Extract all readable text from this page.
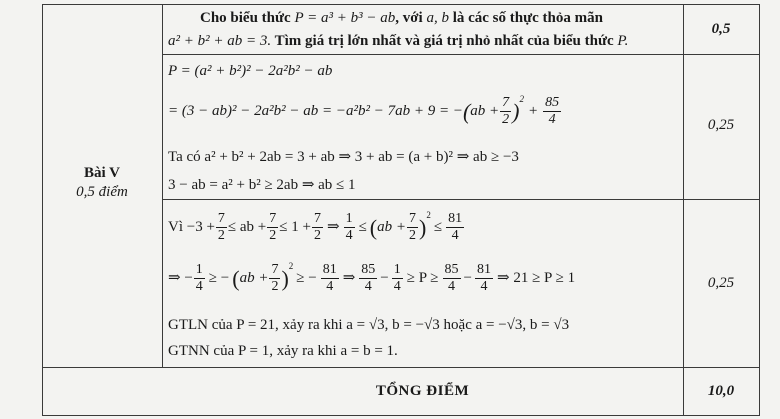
Bài V
0,5 điểm
0,5
0,25
0,25
10,0
Cho biểu thức P = a³ + b³ − ab, với a, b là các số thực thỏa mãn
a² + b² + ab = 3. Tìm giá trị lớn nhất và giá trị nhỏ nhất của biểu thức P.
P = (a² + b²)² − 2a²b² − ab
= (3 − ab)² − 2a²b² − ab = −a²b² − 7ab + 9 = − ( ab + $\frac{7}{2} )^2$
+ $\frac{85}{4}$
Ta có a² + b² + 2ab = 3 + ab ⇒ 3 + ab = (a + b)² ⇒ ab ≥ −3
3 − ab = a² + b² ≥ 2ab ⇒ ab ≤ 1
Vì $-3 + \frac{7}{2}$ ≤ ab + $\frac{7}{2} \le 1 + \frac{7}{2}$ ⇒ $\frac{1}{4}$ ≤ ( ab + $\frac{7}{2} )^2$
≤ $\frac{81}{4}$
⇒ − $\frac{1}{4}$ ≥ − ( ab + $\frac{7}{2} )^2$
≥ − $\frac{81}{4}$ ⇒ $\frac{85}{4} - \frac{1}{4} \ge P \ge \frac{85}{4} - \frac{81}{4}$ ⇒ 21 ≥ P ≥ 1
GTLN của P = 21, xảy ra khi a = √3, b = −√3 hoặc a = −√3, b = √3
GTNN của P = 1, xảy ra khi a = b = 1.
TỔNG ĐIỂM
